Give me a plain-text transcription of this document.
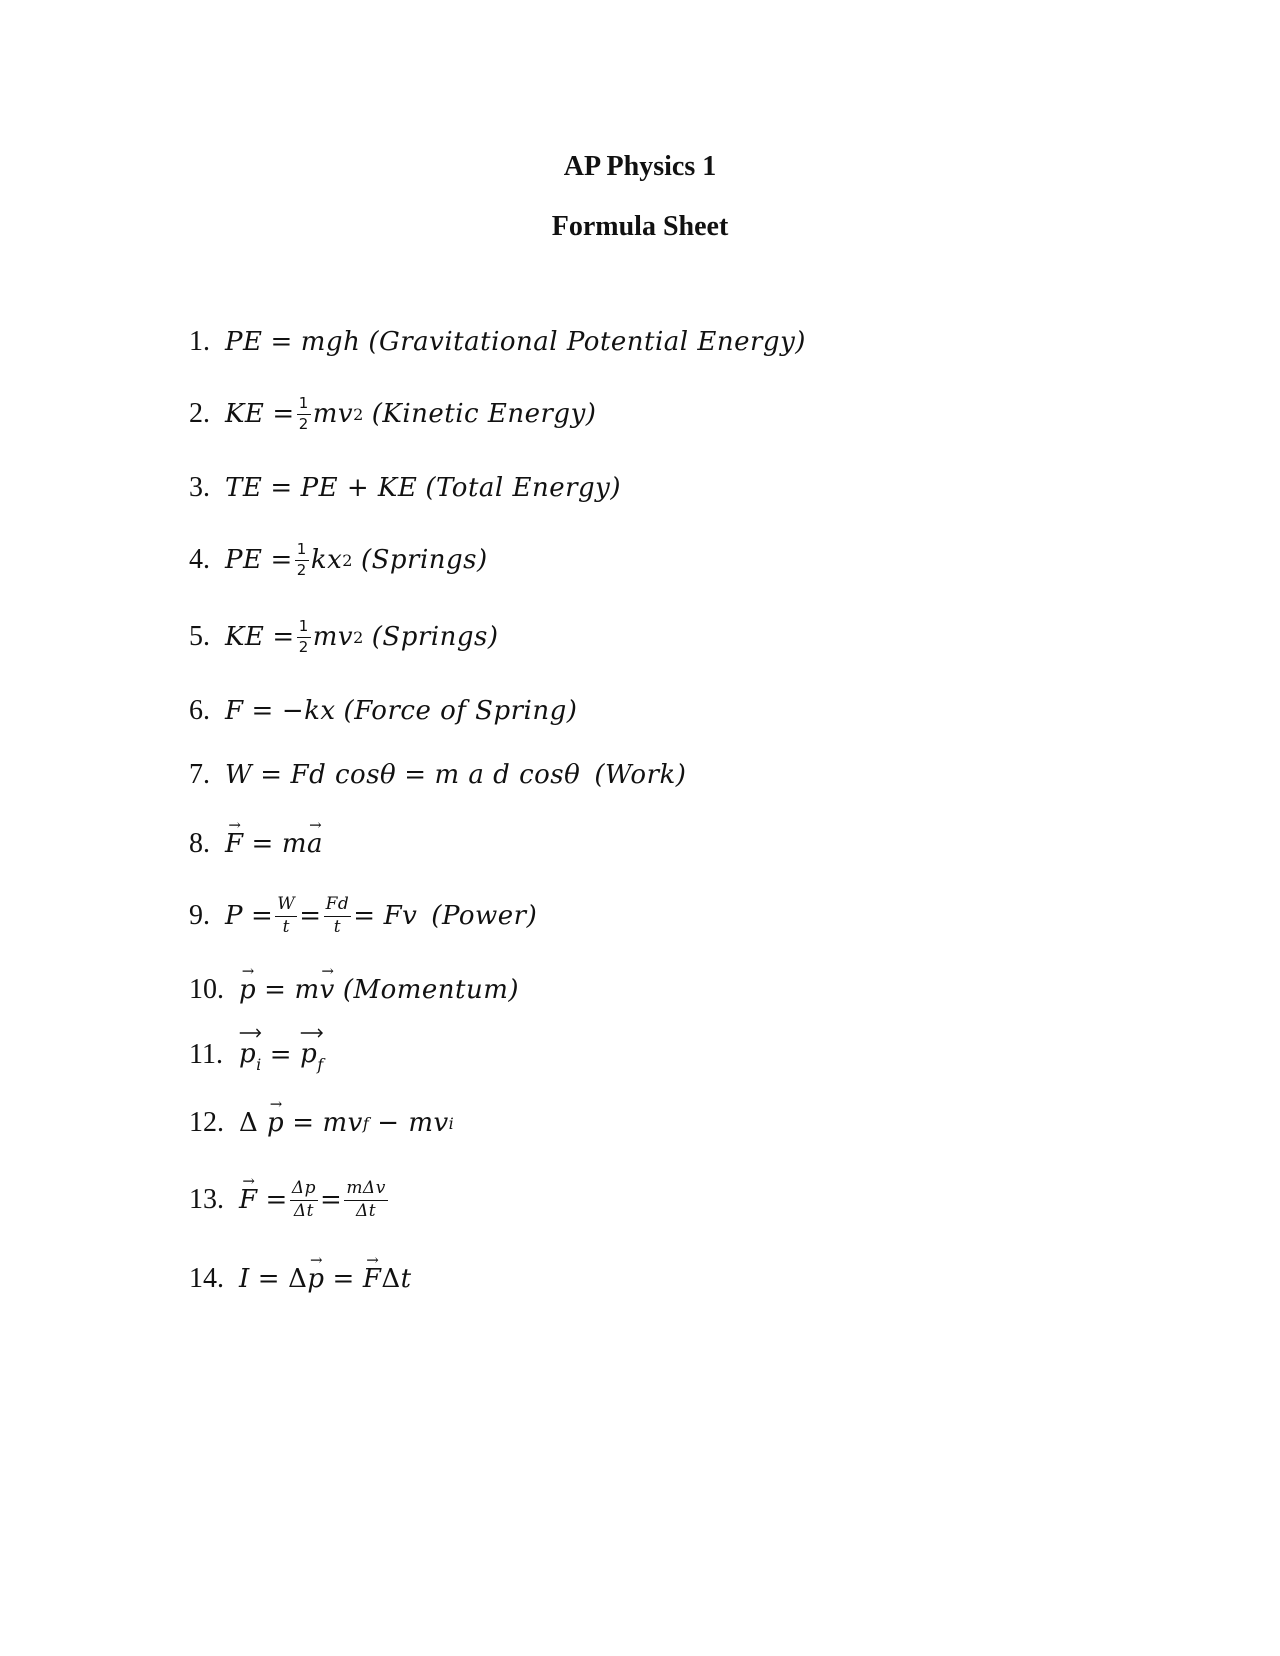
AP Physics 1
Formula Sheet
1. PE = mgh (Gravitational Potential Energy)
2. KE = $\frac{1}{2}$ mv 2 (Kinetic Energy)
3. TE = PE + KE (Total Energy)
4. PE = $\frac{1}{2}$ kx 2 (Springs)
5. KE = $\frac{1}{2}$ mv 2 (Springs)
6. F = −kx (Force of Spring)
7. W = Fd cosθ = m a d cosθ (Work)
8. → F = m→ a
9. $P = \frac{W}{t} = \frac{Fd}{t} = Fv$ (Power)
10. → p = m→ v (Momentum)
11. $p_i = p_f$
12. Δ → p = mv f − mv i
13. → $F = \frac{\Delta p}{\Delta t} = \frac{\text{mΔv}}{\Delta t}$
14. I = Δ→ p = → FΔt
